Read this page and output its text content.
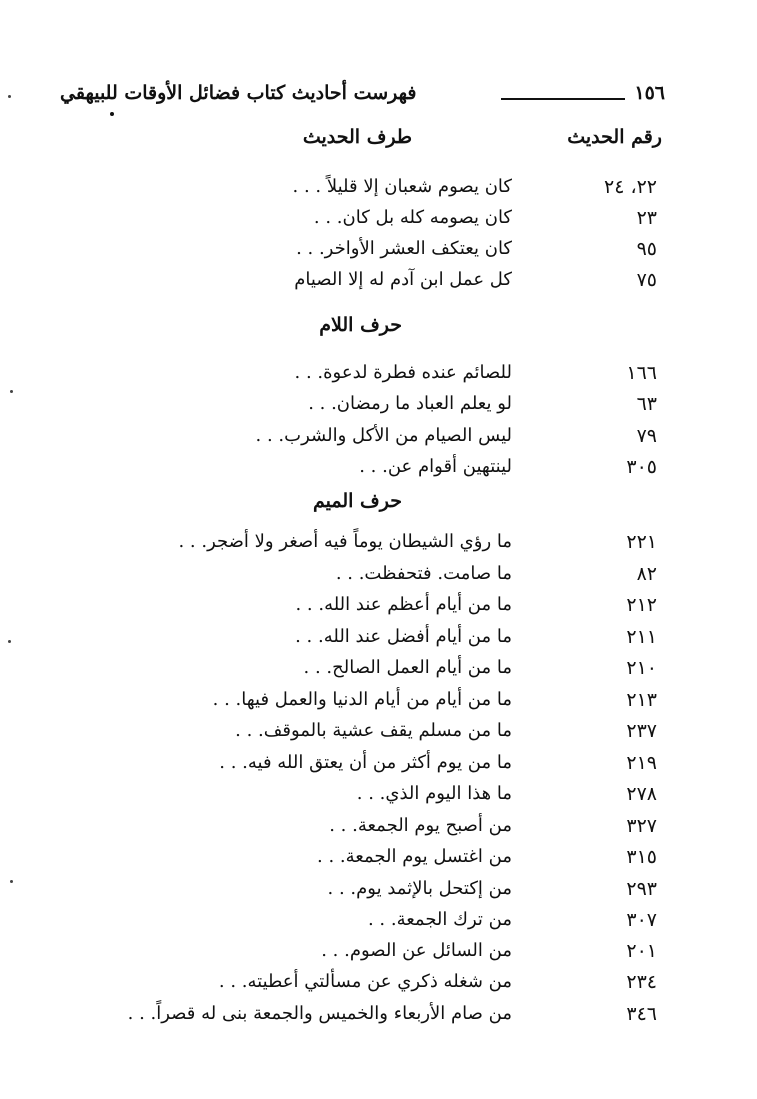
١٥٦
فهرست أحاديث كتاب فضائل الأوقات للبيهقي
رقم الحديث
طرف الحديث
٢٢، ٢٤
كان يصوم شعبان إلا قليلاً . . .
٢٣
كان يصومه كله بل كان. . .
٩٥
كان يعتكف العشر الأواخر. . .
٧٥
كل عمل ابن آدم له إلا الصيام
حرف اللام
١٦٦
للصائم عنده فطرة لدعوة. . .
٦٣
لو يعلم العباد ما رمضان. . .
٧٩
ليس الصيام من الأكل والشرب. . .
٣٠٥
لينتهين أقوام عن. . .
حرف الميم
٢٢١
ما رؤي الشيطان يوماً فيه أصغر ولا أضجر. . .
٨٢
ما صامت. فتحفظت. . .
٢١٢
ما من أيام أعظم عند الله. . .
٢١١
ما من أيام أفضل عند الله. . .
٢١٠
ما من أيام العمل الصالح. . .
٢١٣
ما من أيام من أيام الدنيا والعمل فيها. . .
٢٣٧
ما من مسلم يقف عشية بالموقف. . .
٢١٩
ما من يوم أكثر من أن يعتق الله فيه. . .
٢٧٨
ما هذا اليوم الذي. . .
٣٢٧
من أصبح يوم الجمعة. . .
٣١٥
من اغتسل يوم الجمعة. . .
٢٩٣
من إكتحل بالإثمد يوم. . .
٣٠٧
من ترك الجمعة. . .
٢٠١
من السائل عن الصوم. . .
٢٣٤
من شغله ذكري عن مسألتي أعطيته. . .
٣٤٦
من صام الأربعاء والخميس والجمعة بنى له قصراً. . .
